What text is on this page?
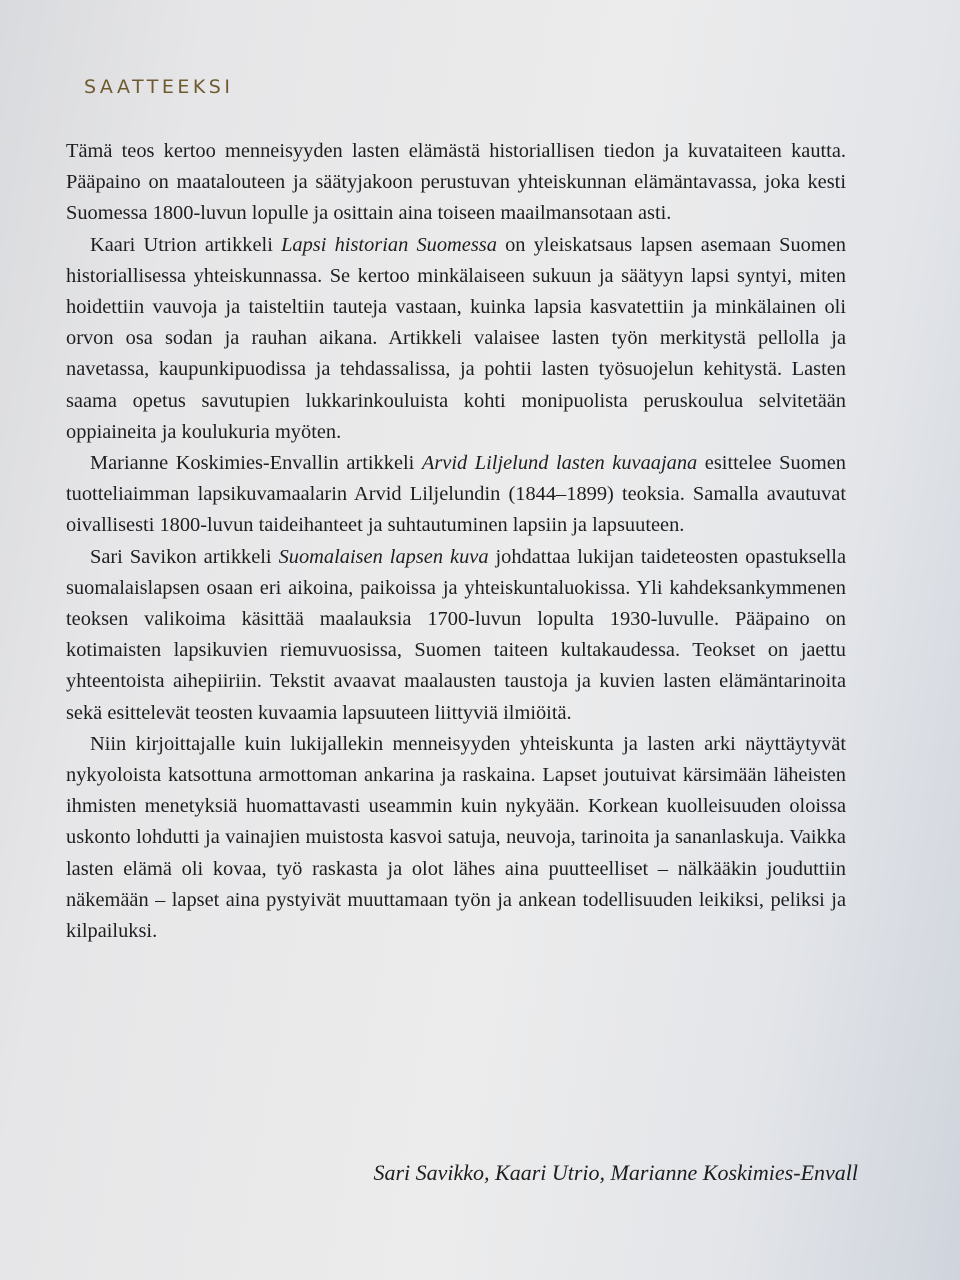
SAATTEEKSI

Tämä teos kertoo menneisyyden lasten elämästä historiallisen tiedon ja kuvataiteen kautta. Pääpaino on maatalouteen ja säätyjakoon perustuvan yhteiskunnan elämäntavassa, joka kesti Suomessa 1800-luvun lopulle ja osittain aina toiseen maailmansotaan asti.

Kaari Utrion artikkeli Lapsi historian Suomessa on yleiskatsaus lapsen asemaan Suomen historiallisessa yhteiskunnassa. Se kertoo minkälaiseen sukuun ja säätyyn lapsi syntyi, miten hoidettiin vauvoja ja taisteltiin tauteja vastaan, kuinka lapsia kasvatettiin ja minkälainen oli orvon osa sodan ja rauhan aikana. Artikkeli valaisee lasten työn merkitystä pellolla ja navetassa, kaupunkipuodissa ja tehdassalissa, ja pohtii lasten työsuojelun kehitystä. Lasten saama opetus savutupien lukkarinkouluista kohti monipuolista peruskoulua selvitetään oppiaineita ja koulukuria myöten.

Marianne Koskimies-Envallin artikkeli Arvid Liljelund lasten kuvaajana esittelee Suomen tuotteliaimman lapsikuvamaalarin Arvid Liljelundin (1844–1899) teoksia. Samalla avautuvat oivallisesti 1800-luvun taideihanteet ja suhtautuminen lapsiin ja lapsuuteen.

Sari Savikon artikkeli Suomalaisen lapsen kuva johdattaa lukijan taideteosten opastuksella suomalaislapsen osaan eri aikoina, paikoissa ja yhteiskuntaluokissa. Yli kahdeksankymmenen teoksen valikoima käsittää maalauksia 1700-luvun lopulta 1930-luvulle. Pääpaino on kotimaisten lapsikuvien riemuvuosissa, Suomen taiteen kultakaudessa. Teokset on jaettu yhteentoista aihepiiriin. Tekstit avaavat maalausten taustoja ja kuvien lasten elämäntarinoita sekä esittelevät teosten kuvaamia lapsuuteen liittyviä ilmiöitä.

Niin kirjoittajalle kuin lukijallekin menneisyyden yhteiskunta ja lasten arki näyttäytyvät nykyoloista katsottuna armottoman ankarina ja raskaina. Lapset joutuivat kärsimään läheisten ihmisten menetyksiä huomattavasti useammin kuin nykyään. Korkean kuolleisuuden oloissa uskonto lohdutti ja vainajien muistosta kasvoi satuja, neuvoja, tarinoita ja sananlaskuja. Vaikka lasten elämä oli kovaa, työ raskasta ja olot lähes aina puutteelliset – nälkääkin jouduttiin näkemään – lapset aina pystyivät muuttamaan työn ja ankean todellisuuden leikiksi, peliksi ja kilpailuksi.

Sari Savikko, Kaari Utrio, Marianne Koskimies-Envall
